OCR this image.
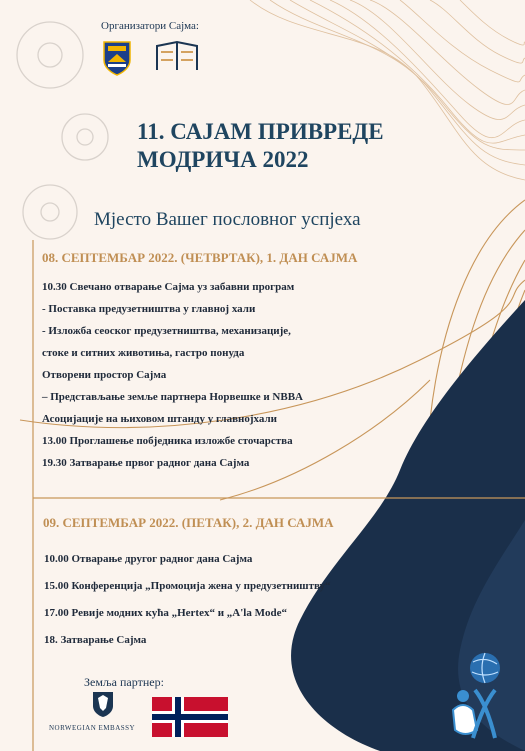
Организатори Сајма:
11. САЈАМ ПРИВРЕДЕ
МОДРИЧА 2022
Мјесто Вашег пословног успјеха
08. СЕПТЕМБАР 2022. (ЧЕТВРТАК), 1. ДАН САЈМА
10.30 Свечано отварање Сајма уз забавни програм
- Поставка предузетништва у главној хали
- Изложба сеоског предузетништва, механизације,
стоке и ситних животиња, гастро понуда
Отворени простор Сајма
– Представљање земље партнера Норвешке и NBBA
Асоцијације на њиховом штанду у главнојхали
13.00 Проглашење побједника изложбе сточарства
19.30 Затварање првог радног дана Сајма
09. СЕПТЕМБАР 2022. (ПЕТАК), 2. ДАН САЈМА
10.00 Отварање другог радног дана Сајма
15.00 Конференција „Промоција жена у предузетништву“
17.00 Ревије модних кућа „Hertex“ и „A'la Mode“
18. Затварање Сајма
Земља партнер:
NORWEGIAN EMBASSY
